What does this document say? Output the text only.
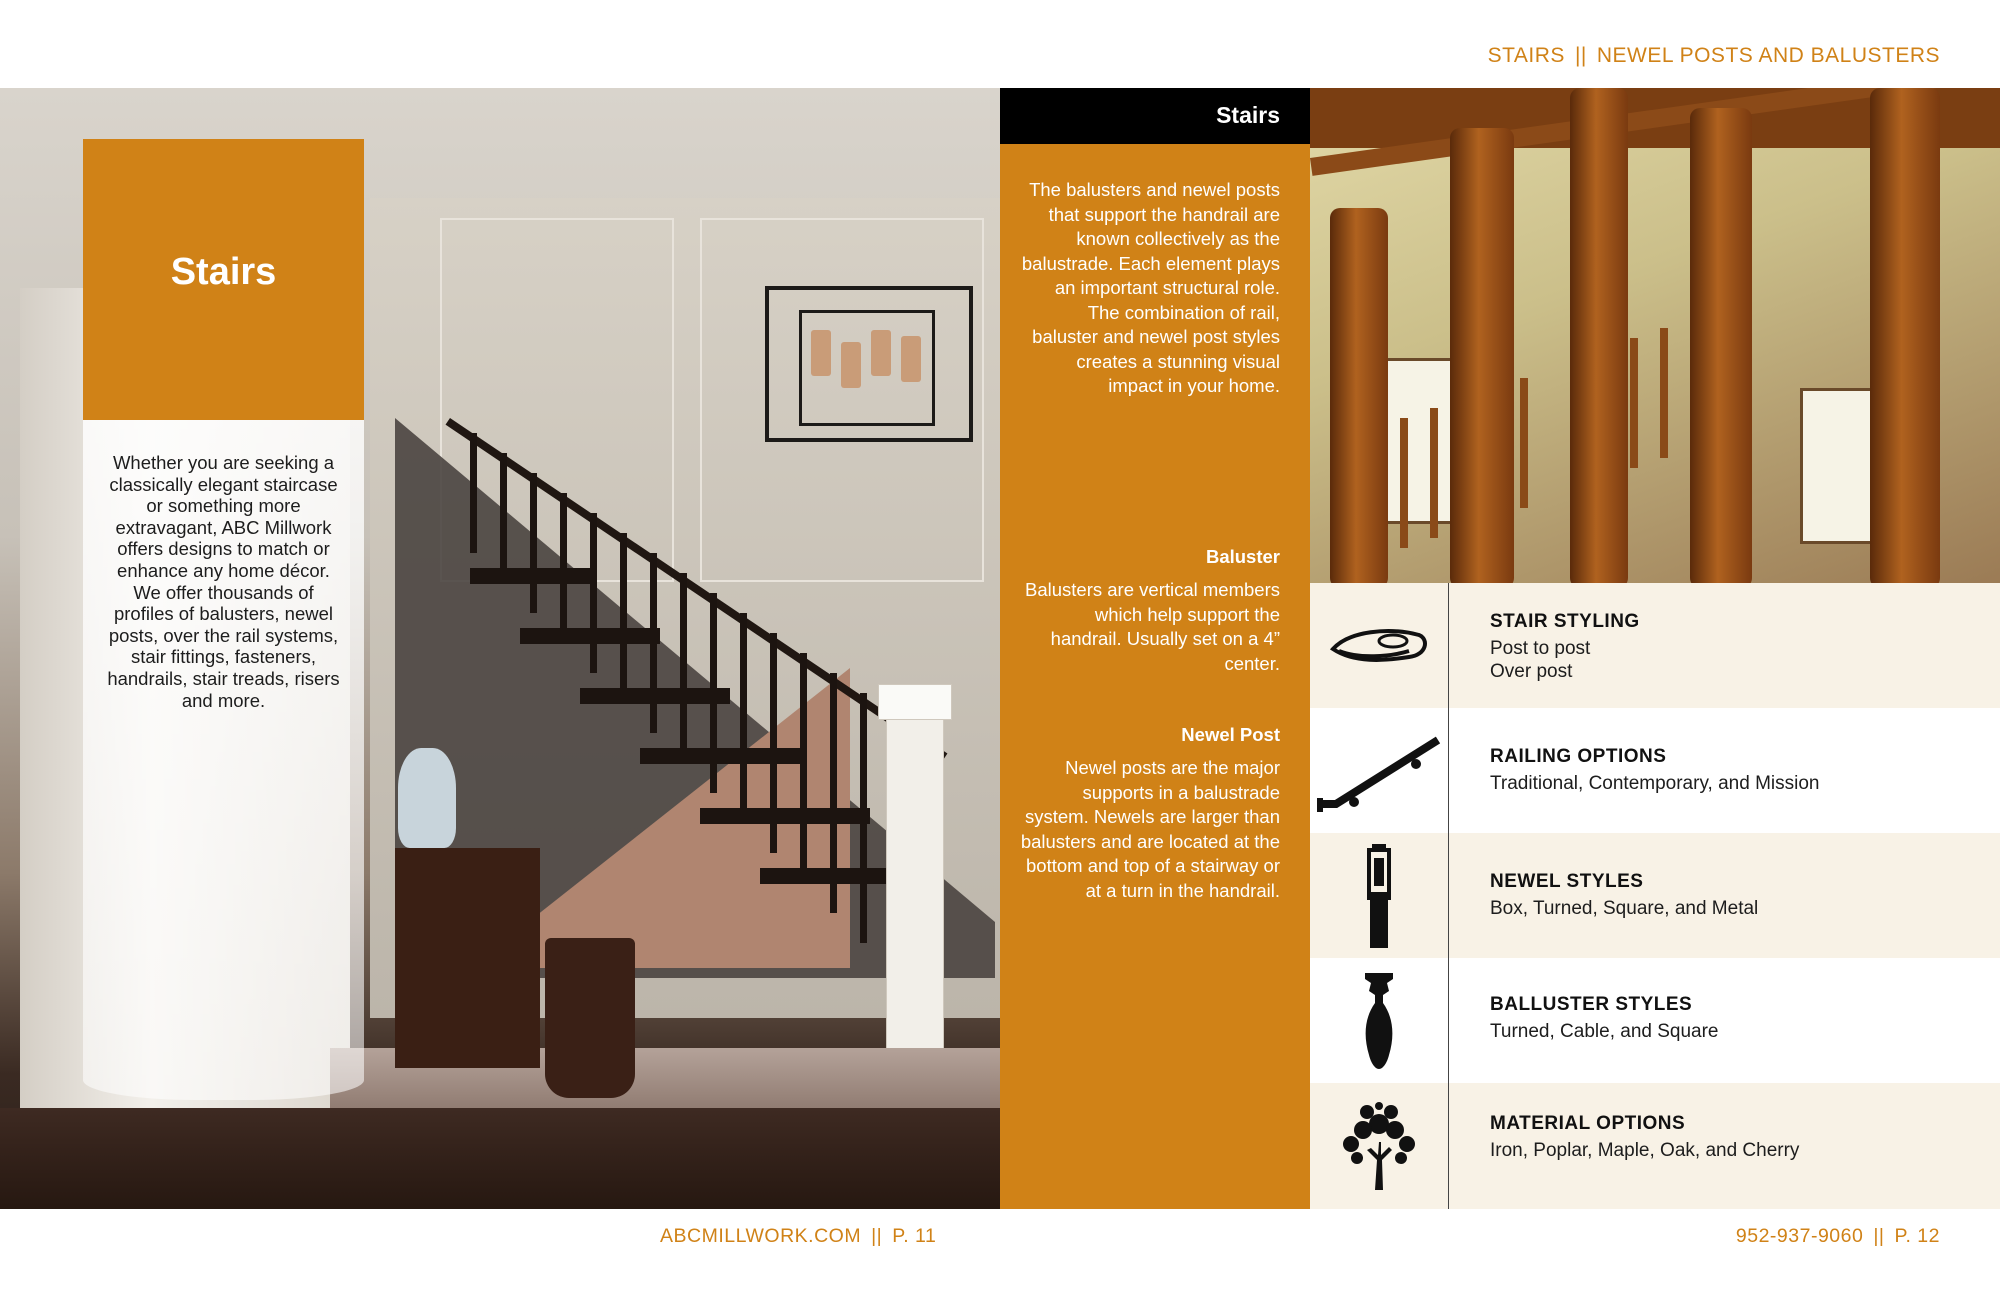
STAIRS || NEWEL POSTS AND BALUSTERS
Stairs

Whether you are seeking a classically elegant staircase or something more extravagant, ABC Millwork offers designs to match or enhance any home décor. We offer thousands of profiles of balusters, newel posts, over the rail systems, stair fittings, fasteners, handrails, stair treads, risers and more.

Stairs
The balusters and newel posts that support the handrail are known collectively as the balustrade. Each element plays an important structural role. The combination of rail, baluster and newel post styles creates a stunning visual impact in your home.
Baluster
Balusters are vertical members which help support the handrail. Usually set on a 4” center.
Newel Post
Newel posts are the major supports in a balustrade system. Newels are larger than balusters and are located at the bottom and top of a stairway or at a turn in the handrail.
STAIR STYLING
Post to post
Over post
RAILING OPTIONS
Traditional, Contemporary, and Mission
NEWEL STYLES
Box, Turned, Square, and Metal
BALLUSTER STYLES
Turned, Cable, and Square
MATERIAL OPTIONS
Iron, Poplar, Maple, Oak, and Cherry
ABCMILLWORK.COM || P. 11	952-937-9060 || P. 12
